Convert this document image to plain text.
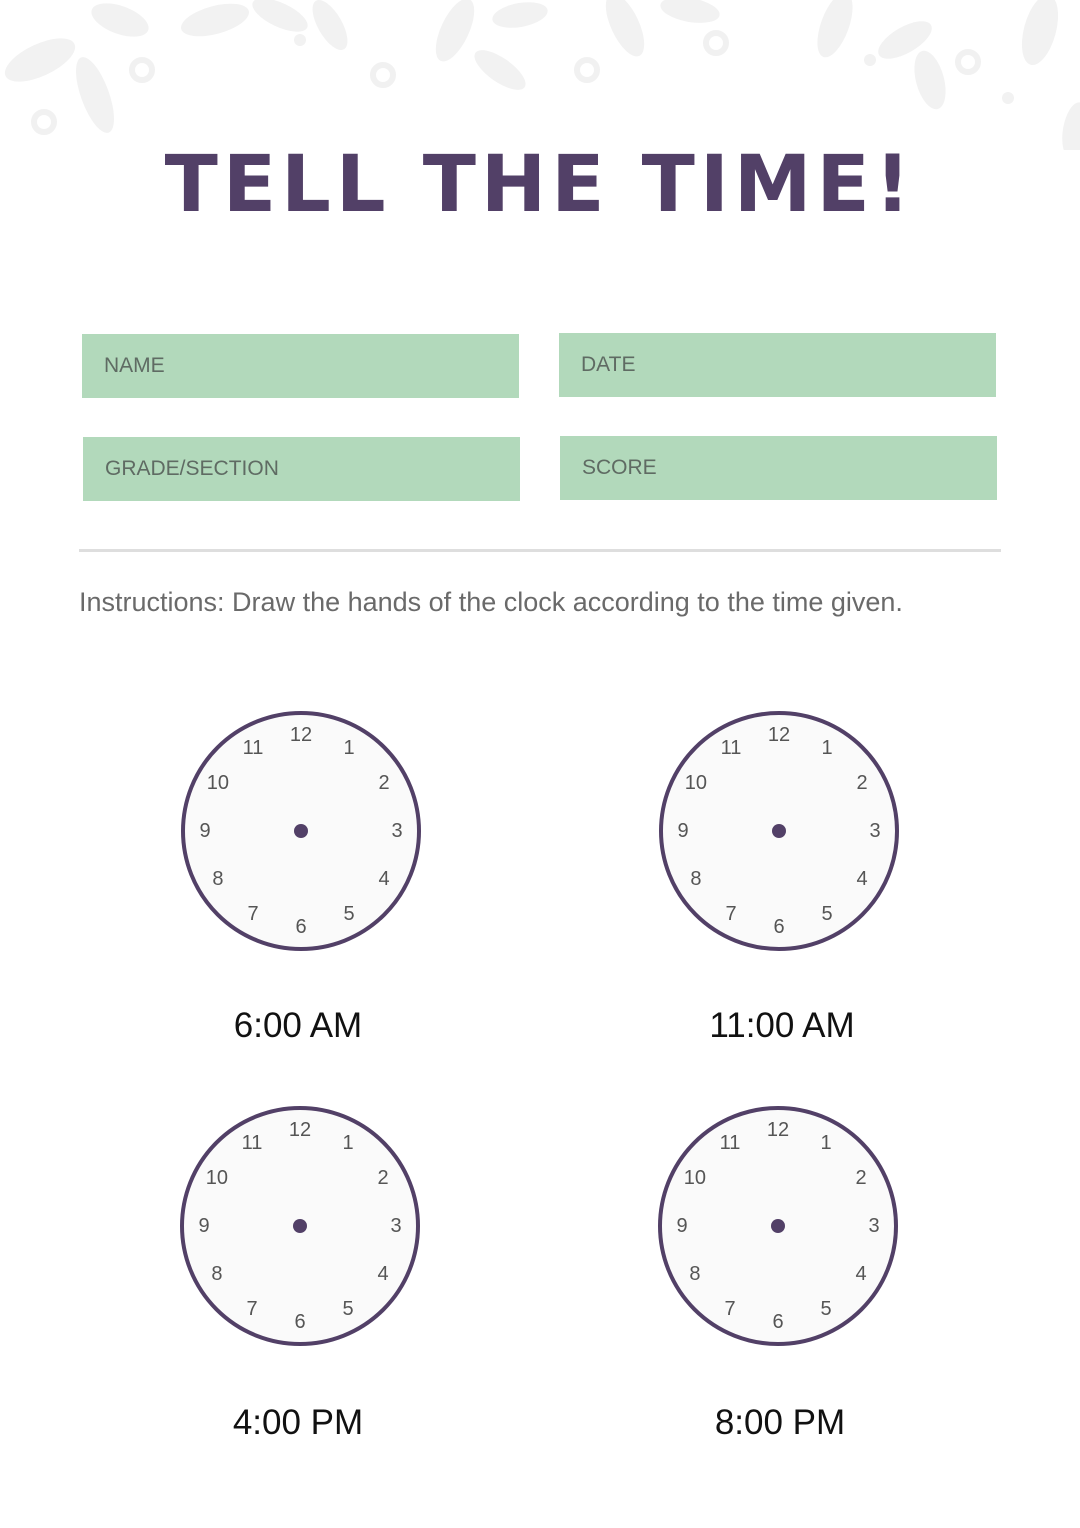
TELL THE TIME!
NAME	DATE
GRADE/SECTION	SCORE
Instructions: Draw the hands of the clock according to the time given.
12
1
2
3
4
5
6
7
8
9
10
11
12
1
2
3
4
5
6
7
8
9
10
11
12
1
2
3
4
5
6
7
8
9
10
11
12
1
2
3
4
5
6
7
8
9
10
11
6:00 AM	11:00 AM
4:00 PM	8:00 PM
